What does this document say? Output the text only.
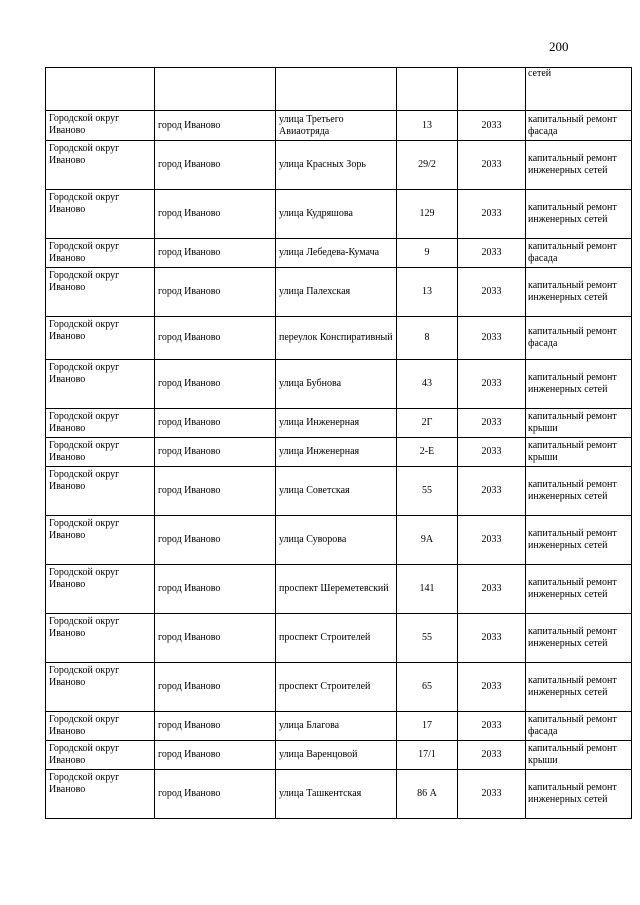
200
					сетей
Городской округ Иваново	город Иваново	улица Третьего Авиаотряда	13	2033	капитальный ремонт фасада
Городской округ Иваново	город Иваново	улица Красных Зорь	29/2	2033	капитальный ремонт инженерных сетей
Городской округ Иваново	город Иваново	улица Кудряшова	129	2033	капитальный ремонт инженерных сетей
Городской округ Иваново	город Иваново	улица Лебедева-Кумача	9	2033	капитальный ремонт фасада
Городской округ Иваново	город Иваново	улица Палехская	13	2033	капитальный ремонт инженерных сетей
Городской округ Иваново	город Иваново	переулок Конспиративный	8	2033	капитальный ремонт фасада
Городской округ Иваново	город Иваново	улица Бубнова	43	2033	капитальный ремонт инженерных сетей
Городской округ Иваново	город Иваново	улица Инженерная	2Г	2033	капитальный ремонт крыши
Городской округ Иваново	город Иваново	улица Инженерная	2-Е	2033	капитальный ремонт крыши
Городской округ Иваново	город Иваново	улица Советская	55	2033	капитальный ремонт инженерных сетей
Городской округ Иваново	город Иваново	улица Суворова	9А	2033	капитальный ремонт инженерных сетей
Городской округ Иваново	город Иваново	проспект Шереметевский	141	2033	капитальный ремонт инженерных сетей
Городской округ Иваново	город Иваново	проспект Строителей	55	2033	капитальный ремонт инженерных сетей
Городской округ Иваново	город Иваново	проспект Строителей	65	2033	капитальный ремонт инженерных сетей
Городской округ Иваново	город Иваново	улица Благова	17	2033	капитальный ремонт фасада
Городской округ Иваново	город Иваново	улица Варенцовой	17/1	2033	капитальный ремонт крыши
Городской округ Иваново	город Иваново	улица Ташкентская	86 А	2033	капитальный ремонт инженерных сетей
